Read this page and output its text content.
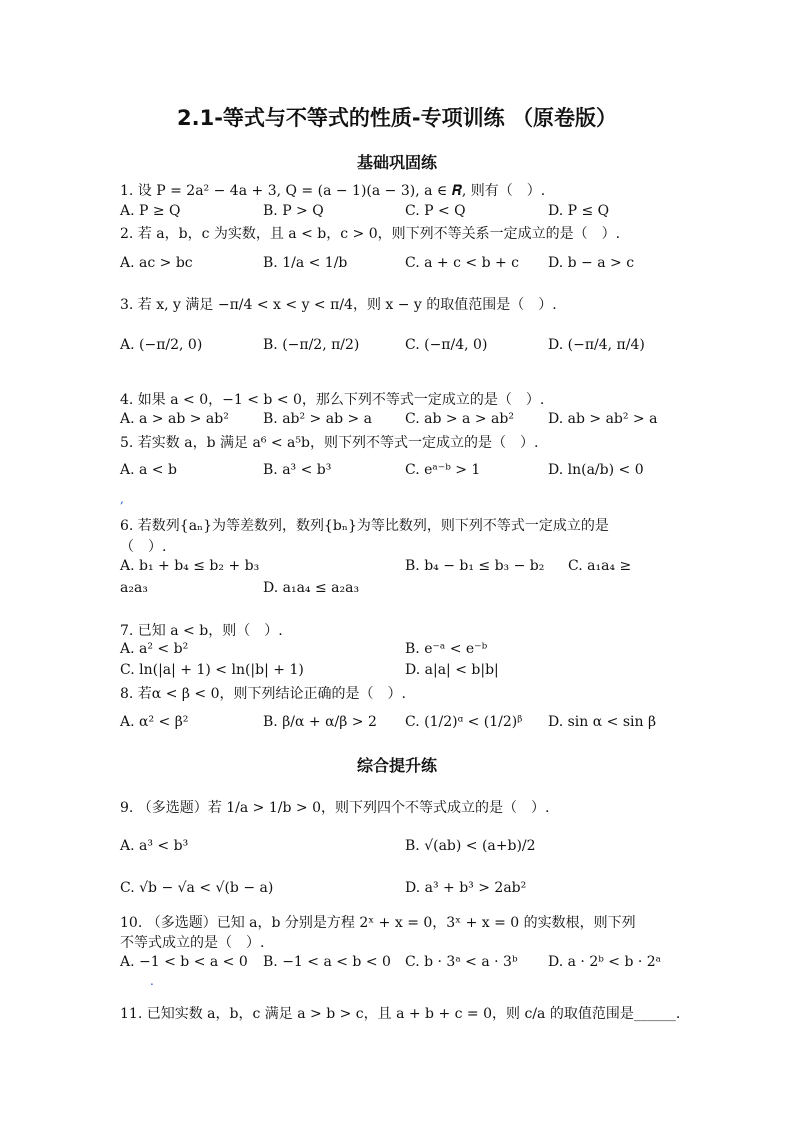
2.1-等式与不等式的性质-专项训练 （原卷版）
基础巩固练
1. 设 P = 2a² − 4a + 3, Q = (a − 1)(a − 3), a ∈ 𝑹, 则有（　）.
A. P ≥ Q	B. P > Q	C. P < Q	D. P ≤ Q
2. 若 a，b，c 为实数，且 a < b，c > 0，则下列不等关系一定成立的是（　）.
A. ac > bc	B. 1/a < 1/b	C. a + c < b + c D. b − a > c
3. 若 x, y 满足 −π/4 < x < y < π/4，则 x − y 的取值范围是（　）.
A. (−π/2, 0)	B. (−π/2, π/2)	C. (−π/4, 0)	D. (−π/4, π/4)
4. 如果 a < 0，−1 < b < 0，那么下列不等式一定成立的是（　）.
A. a > ab > ab² B. ab² > ab > a C. ab > a > ab² D. ab > ab² > a
5. 若实数 a，b 满足 a⁶ < a⁵b，则下列不等式一定成立的是（　）.
A. a < b	B. a³ < b³	C. eᵃ⁻ᵇ > 1	D. ln(a/b) < 0
,
6. 若数列{aₙ}为等差数列，数列{bₙ}为等比数列，则下列不等式一定成立的是
（　）.
A. b₁ + b₄ ≤ b₂ + b₃	B. b₄ − b₁ ≤ b₃ − b₂ C. a₁a₄ ≥
a₂a₃	D. a₁a₄ ≤ a₂a₃
7. 已知 a < b，则（　）.
A. a² < b²	B. e⁻ᵃ < e⁻ᵇ
C. ln(|a| + 1) < ln(|b| + 1)	D. a|a| < b|b|
8. 若α < β < 0，则下列结论正确的是（　）.
A. α² < β²	B. β/α + α/β > 2 C. (1/2)ᵅ < (1/2)ᵝ D. sin α < sin β
综合提升练
9. （多选题）若 1/a > 1/b > 0，则下列四个不等式成立的是（　）.
A. a³ < b³	B. √(ab) < (a+b)/2
C. √b − √a < √(b − a)	D. a³ + b³ > 2ab²
10. （多选题）已知 a，b 分别是方程 2ˣ + x = 0，3ˣ + x = 0 的实数根，则下列
不等式成立的是（　）.
A. −1 < b < a < 0 B. −1 < a < b < 0 C. b · 3ᵃ < a · 3ᵇ D. a · 2ᵇ < b · 2ᵃ
.
11. 已知实数 a，b，c 满足 a > b > c，且 a + b + c = 0，则 c/a 的取值范围是______.
